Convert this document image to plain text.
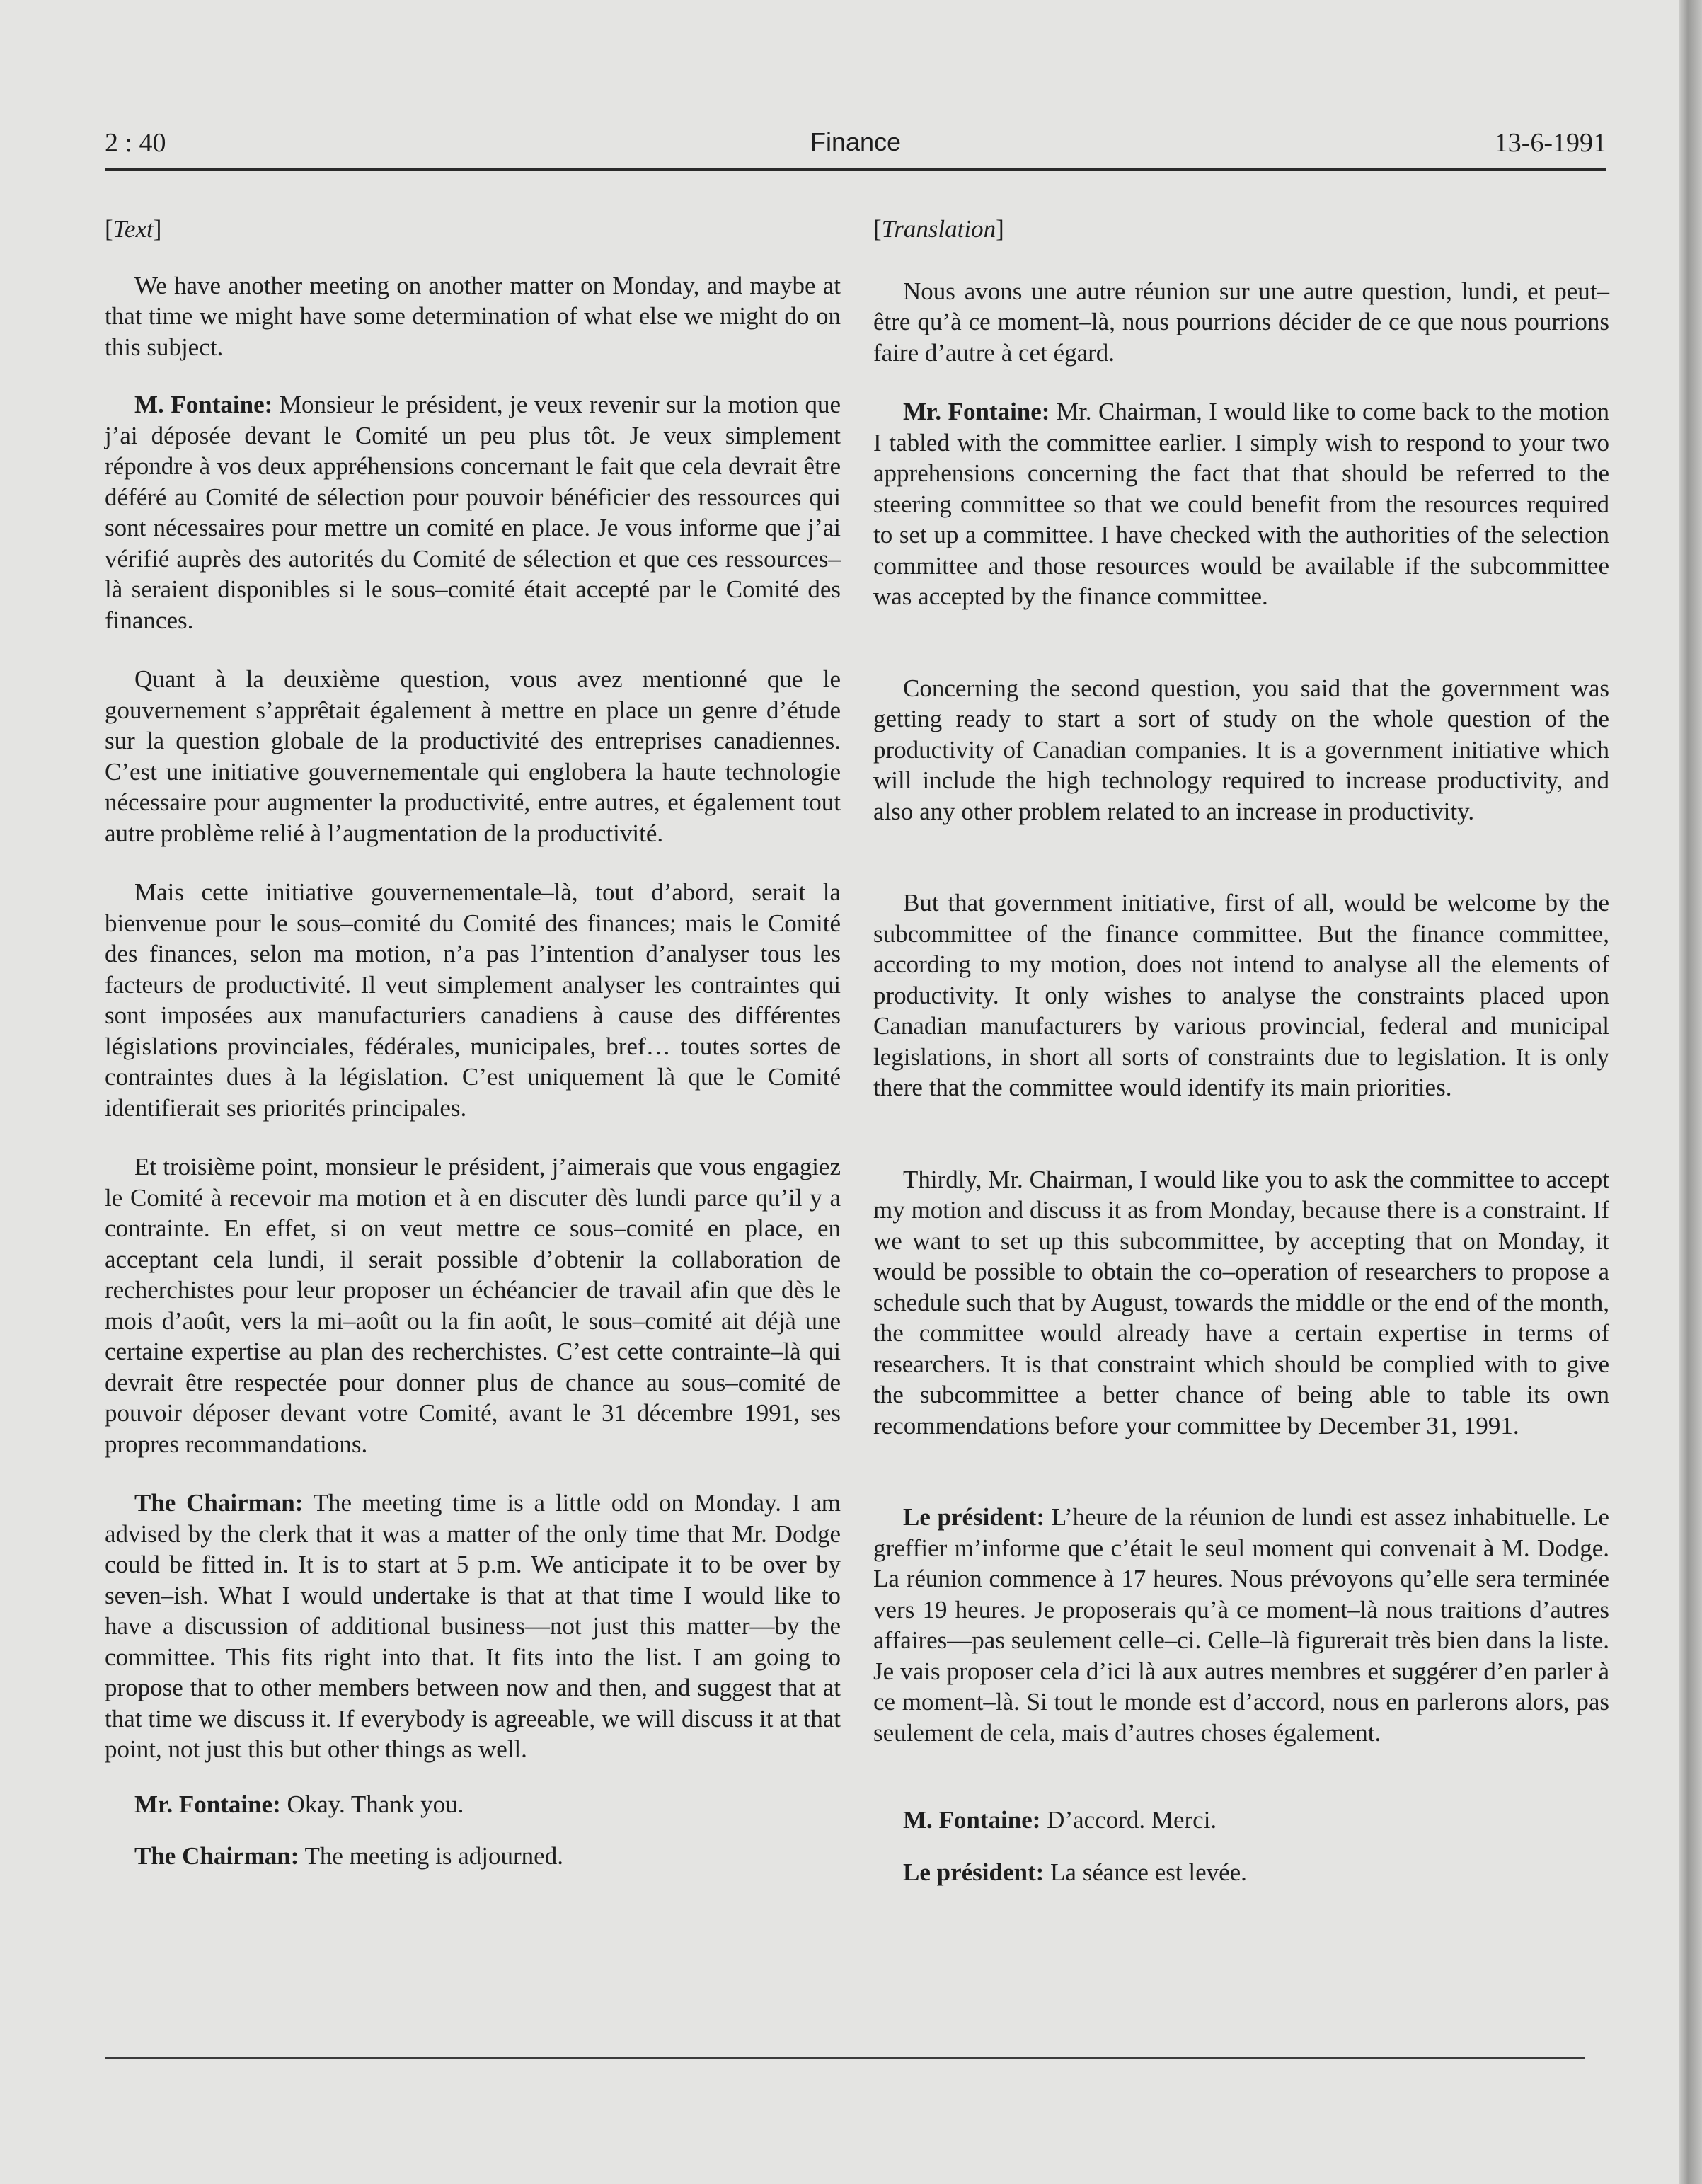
2 : 40	Finance	13-6-1991
[Text]

We have another meeting on another matter on Monday, and maybe at that time we might have some determination of what else we might do on this subject.

M. Fontaine: Monsieur le président, je veux revenir sur la motion que j’ai déposée devant le Comité un peu plus tôt. Je veux simplement répondre à vos deux appréhensions concernant le fait que cela devrait être déféré au Comité de sélection pour pouvoir bénéficier des ressources qui sont nécessaires pour mettre un comité en place. Je vous informe que j’ai vérifié auprès des autorités du Comité de sélection et que ces ressources–là seraient disponibles si le sous–comité était accepté par le Comité des finances.

Quant à la deuxième question, vous avez mentionné que le gouvernement s’apprêtait également à mettre en place un genre d’étude sur la question globale de la productivité des entreprises canadiennes. C’est une initiative gouvernementale qui englobera la haute technologie nécessaire pour augmenter la productivité, entre autres, et également tout autre problème relié à l’augmentation de la productivité.

Mais cette initiative gouvernementale–là, tout d’abord, serait la bienvenue pour le sous–comité du Comité des finances; mais le Comité des finances, selon ma motion, n’a pas l’intention d’analyser tous les facteurs de productivité. Il veut simplement analyser les contraintes qui sont imposées aux manufacturiers canadiens à cause des différentes législations provinciales, fédérales, municipales, bref… toutes sortes de contraintes dues à la législation. C’est uniquement là que le Comité identifierait ses priorités principales.

Et troisième point, monsieur le président, j’aimerais que vous engagiez le Comité à recevoir ma motion et à en discuter dès lundi parce qu’il y a contrainte. En effet, si on veut mettre ce sous–comité en place, en acceptant cela lundi, il serait possible d’obtenir la collaboration de recherchistes pour leur proposer un échéancier de travail afin que dès le mois d’août, vers la mi–août ou la fin août, le sous–comité ait déjà une certaine expertise au plan des recherchistes. C’est cette contrainte–là qui devrait être respectée pour donner plus de chance au sous–comité de pouvoir déposer devant votre Comité, avant le 31 décembre 1991, ses propres recommandations.

The Chairman: The meeting time is a little odd on Monday. I am advised by the clerk that it was a matter of the only time that Mr. Dodge could be fitted in. It is to start at 5 p.m. We anticipate it to be over by seven–ish. What I would undertake is that at that time I would like to have a discussion of additional business—not just this matter—by the committee. This fits right into that. It fits into the list. I am going to propose that to other members between now and then, and suggest that at that time we discuss it. If everybody is agreeable, we will discuss it at that point, not just this but other things as well.

Mr. Fontaine: Okay. Thank you.

The Chairman: The meeting is adjourned.

[Translation]

Nous avons une autre réunion sur une autre question, lundi, et peut–être qu’à ce moment–là, nous pourrions décider de ce que nous pourrions faire d’autre à cet égard.

Mr. Fontaine: Mr. Chairman, I would like to come back to the motion I tabled with the committee earlier. I simply wish to respond to your two apprehensions concerning the fact that that should be referred to the steering committee so that we could benefit from the resources required to set up a committee. I have checked with the authorities of the selection committee and those resources would be available if the subcommittee was accepted by the finance committee.

Concerning the second question, you said that the government was getting ready to start a sort of study on the whole question of the productivity of Canadian companies. It is a government initiative which will include the high technology required to increase productivity, and also any other problem related to an increase in productivity.

But that government initiative, first of all, would be welcome by the subcommittee of the finance committee. But the finance committee, according to my motion, does not intend to analyse all the elements of productivity. It only wishes to analyse the constraints placed upon Canadian manufacturers by various provincial, federal and municipal legislations, in short all sorts of constraints due to legislation. It is only there that the committee would identify its main priorities.

Thirdly, Mr. Chairman, I would like you to ask the committee to accept my motion and discuss it as from Monday, because there is a constraint. If we want to set up this subcommittee, by accepting that on Monday, it would be possible to obtain the co–operation of researchers to propose a schedule such that by August, towards the middle or the end of the month, the committee would already have a certain expertise in terms of researchers. It is that constraint which should be complied with to give the subcommittee a better chance of being able to table its own recommendations before your committee by December 31, 1991.

Le président: L’heure de la réunion de lundi est assez inhabituelle. Le greffier m’informe que c’était le seul moment qui convenait à M. Dodge. La réunion commence à 17 heures. Nous prévoyons qu’elle sera terminée vers 19 heures. Je proposerais qu’à ce moment–là nous traitions d’autres affaires—pas seulement celle–ci. Celle–là figurerait très bien dans la liste. Je vais proposer cela d’ici là aux autres membres et suggérer d’en parler à ce moment–là. Si tout le monde est d’accord, nous en parlerons alors, pas seulement de cela, mais d’autres choses également.

M. Fontaine: D’accord. Merci.

Le président: La séance est levée.
